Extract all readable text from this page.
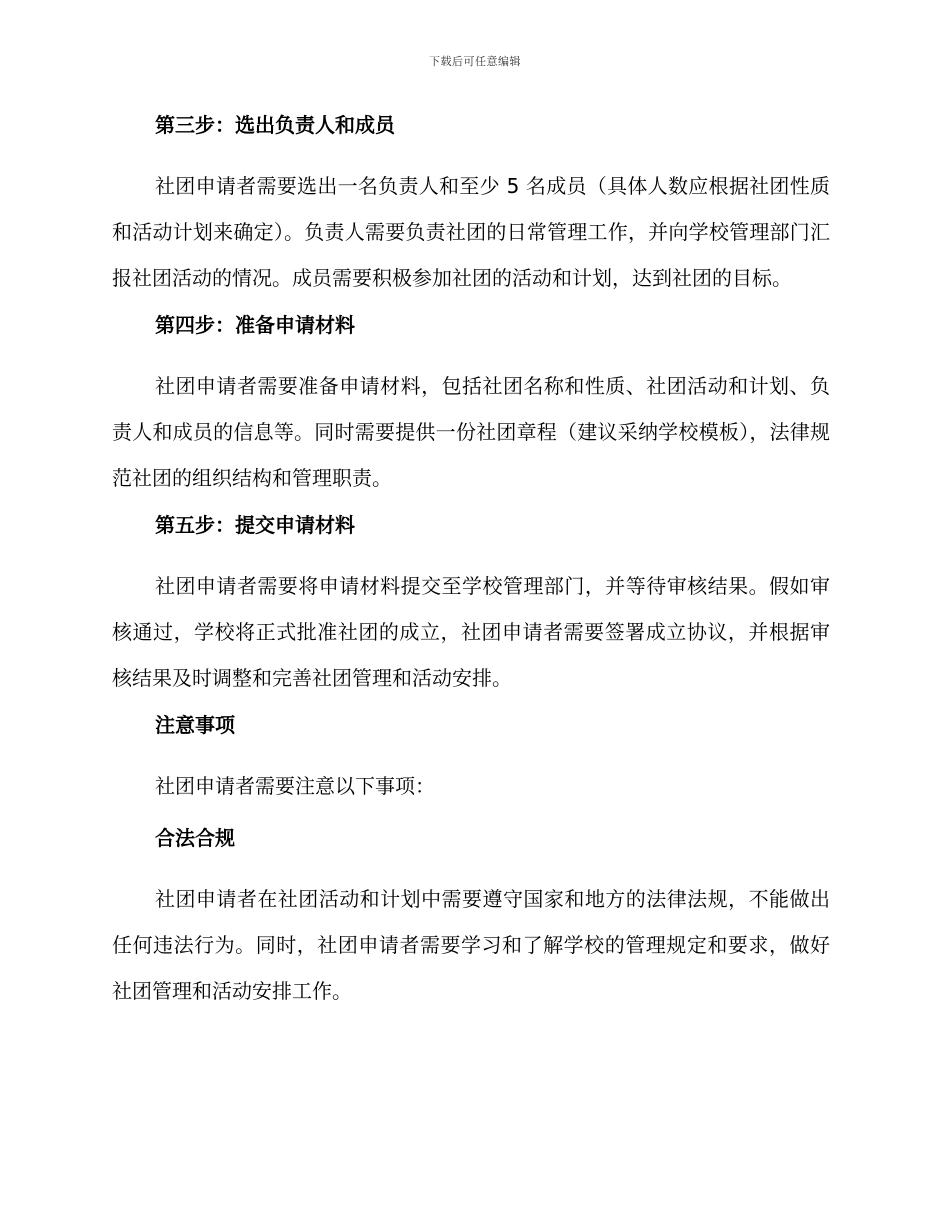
下载后可任意编辑
第三步：选出负责人和成员
社团申请者需要选出一名负责人和至少 5 名成员（具体人数应根据社团性质和活动计划来确定）。负责人需要负责社团的日常管理工作，并向学校管理部门汇报社团活动的情况。成员需要积极参加社团的活动和计划，达到社团的目标。
第四步：准备申请材料
社团申请者需要准备申请材料，包括社团名称和性质、社团活动和计划、负责人和成员的信息等。同时需要提供一份社团章程（建议采纳学校模板），法律规范社团的组织结构和管理职责。
第五步：提交申请材料
社团申请者需要将申请材料提交至学校管理部门，并等待审核结果。假如审核通过，学校将正式批准社团的成立，社团申请者需要签署成立协议，并根据审核结果及时调整和完善社团管理和活动安排。
注意事项
社团申请者需要注意以下事项：
合法合规
社团申请者在社团活动和计划中需要遵守国家和地方的法律法规，不能做出任何违法行为。同时，社团申请者需要学习和了解学校的管理规定和要求，做好社团管理和活动安排工作。
